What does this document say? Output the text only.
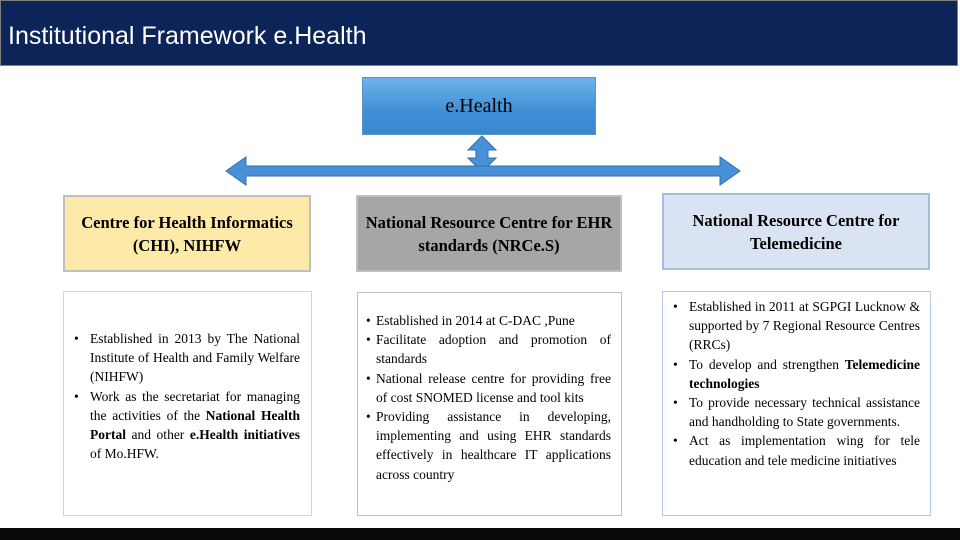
Institutional Framework e.Health
e.Health
Centre for Health Informatics (CHI), NIHFW
National Resource Centre for EHR standards (NRCe.S)
National Resource Centre for Telemedicine
• Established in 2013 by The National Institute of Health and Family Welfare (NIHFW)
• Work as the secretariat for managing the activities of the National Health Portal and other e.Health initiatives of Mo.HFW.
• Established in 2014 at C-DAC ,Pune
• Facilitate adoption and promotion of standards
• National release centre for providing free of cost SNOMED license and tool kits
• Providing assistance in developing, implementing and using EHR standards effectively in healthcare IT applications across country
• Established in 2011 at SGPGI Lucknow & supported by 7 Regional Resource Centres (RRCs)
• To develop and strengthen Telemedicine technologies
• To provide necessary technical assistance and handholding to State governments.
• Act as implementation wing for tele education and tele medicine initiatives
